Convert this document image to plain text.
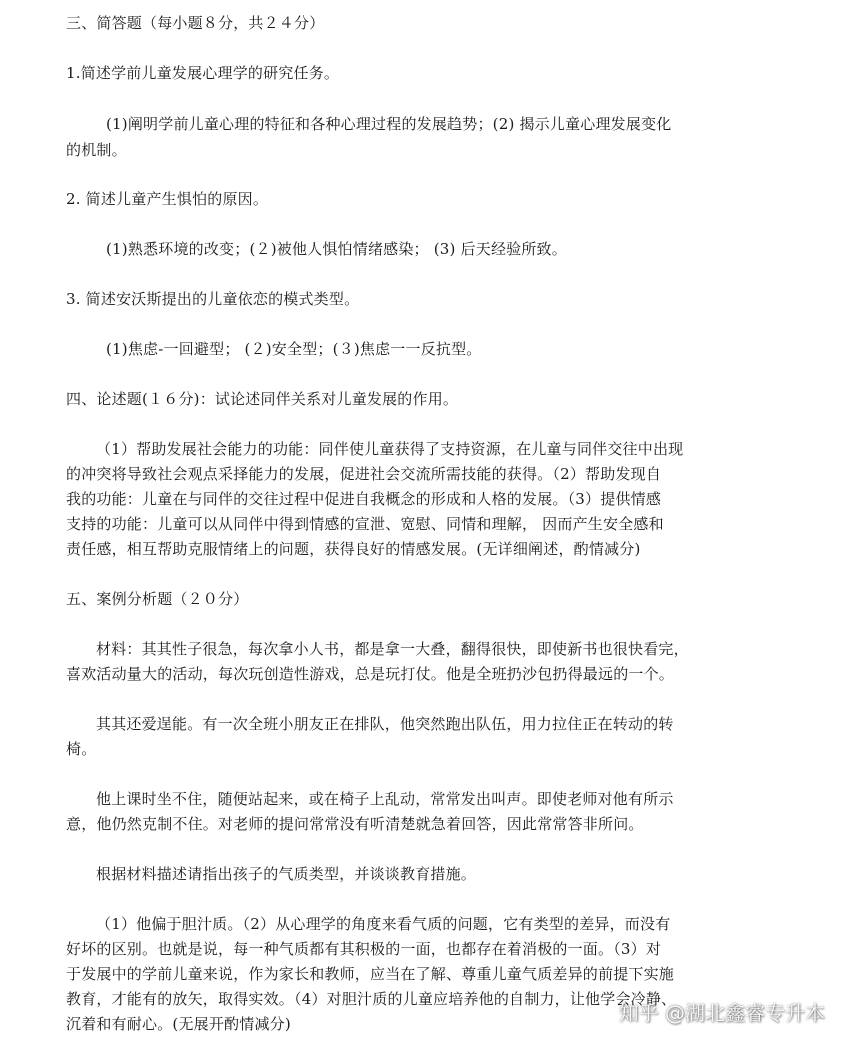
三、简答题（每小题８分，共２４分）
1.简述学前儿童发展心理学的研究任务。
(1)阐明学前儿童心理的特征和各种心理过程的发展趋势；(2) 揭示儿童心理发展变化
的机制。
2. 简述儿童产生惧怕的原因。
(1)熟悉环境的改变；(２)被他人惧怕情绪感染； (3) 后天经验所致。
3. 简述安沃斯提出的儿童依恋的模式类型。
(1)焦虑-一回避型； (２)安全型；(３)焦虑一一反抗型。
四、论述题(１６分)：试论述同伴关系对儿童发展的作用。
（1）帮助发展社会能力的功能：同伴使儿童获得了支持资源，在儿童与同伴交往中出现
的冲突将导致社会观点采择能力的发展，促进社会交流所需技能的获得。（2）帮助发现自
我的功能：儿童在与同伴的交往过程中促进自我概念的形成和人格的发展。（3）提供情感
支持的功能：儿童可以从同伴中得到情感的宣泄、宽慰、同情和理解， 因而产生安全感和
责任感，相互帮助克服情绪上的问题，获得良好的情感发展。(无详细阐述，酌情减分)
五、案例分析题（２０分）
材料：其其性子很急，每次拿小人书，都是拿一大叠，翻得很快，即使新书也很快看完，
喜欢活动量大的活动，每次玩创造性游戏，总是玩打仗。他是全班扔沙包扔得最远的一个。
其其还爱逞能。有一次全班小朋友正在排队，他突然跑出队伍，用力拉住正在转动的转
椅。
他上课时坐不住，随便站起来，或在椅子上乱动，常常发出叫声。即使老师对他有所示
意，他仍然克制不住。对老师的提问常常没有听清楚就急着回答，因此常常答非所问。
根据材料描述请指出孩子的气质类型，并谈谈教育措施。
（1）他偏于胆汁质。（2）从心理学的角度来看气质的问题，它有类型的差异，而没有
好坏的区别。也就是说，每一种气质都有其积极的一面，也都存在着消极的一面。（3）对
于发展中的学前儿童来说，作为家长和教师，应当在了解、尊重儿童气质差异的前提下实施
教育，才能有的放矢，取得实效。（4）对胆汁质的儿童应培养他的自制力，让他学会冷静、
沉着和有耐心。(无展开酌情减分)	知乎 @湖北鑫睿专升本
